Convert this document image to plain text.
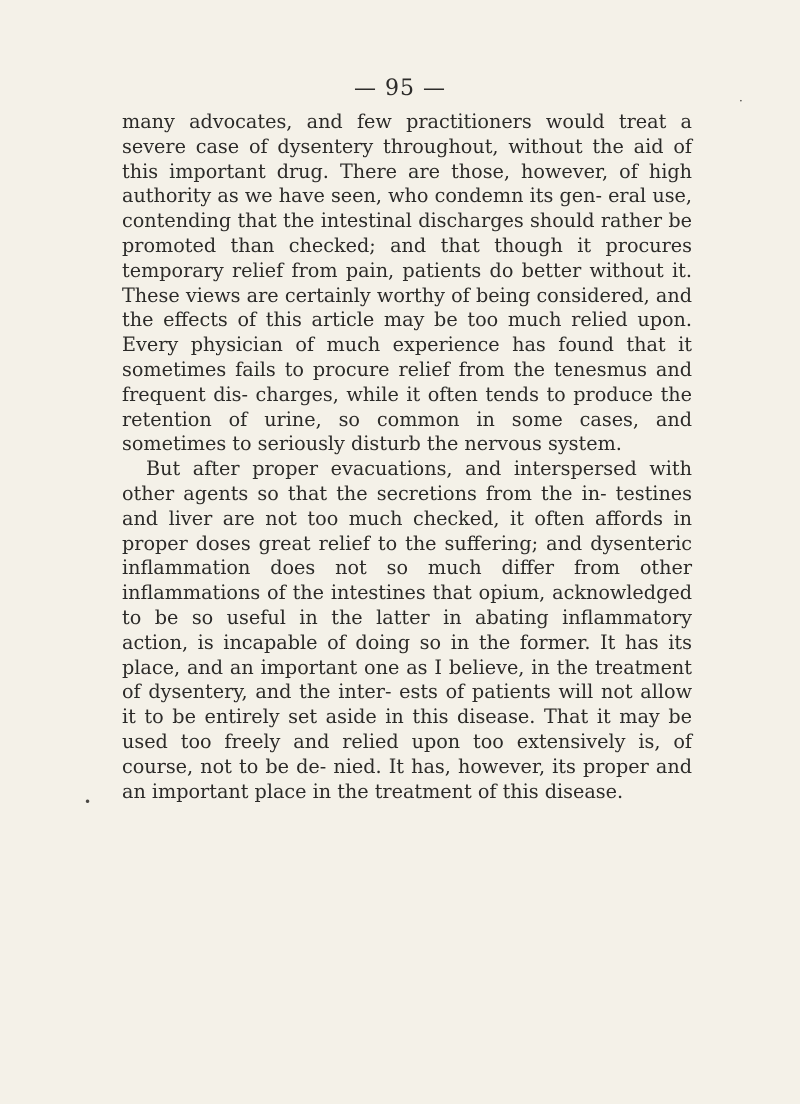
— 95 —

many advocates, and few practitioners would treat a severe case of dysentery throughout, without the aid of this important drug. There are those, however, of high authority as we have seen, who condemn its gen- eral use, contending that the intestinal discharges should rather be promoted than checked; and that though it procures temporary relief from pain, patients do better without it. These views are certainly worthy of being considered, and the effects of this article may be too much relied upon. Every physician of much experience has found that it sometimes fails to procure relief from the tenesmus and frequent dis- charges, while it often tends to produce the retention of urine, so common in some cases, and sometimes to seriously disturb the nervous system.

But after proper evacuations, and interspersed with other agents so that the secretions from the in- testines and liver are not too much checked, it often affords in proper doses great relief to the suffering; and dysenteric inflammation does not so much differ from other inflammations of the intestines that opium, acknowledged to be so useful in the latter in abating inflammatory action, is incapable of doing so in the former. It has its place, and an important one as I believe, in the treatment of dysentery, and the inter- ests of patients will not allow it to be entirely set aside in this disease. That it may be used too freely and relied upon too extensively is, of course, not to be de- nied. It has, however, its proper and an important place in the treatment of this disease.

·
•
